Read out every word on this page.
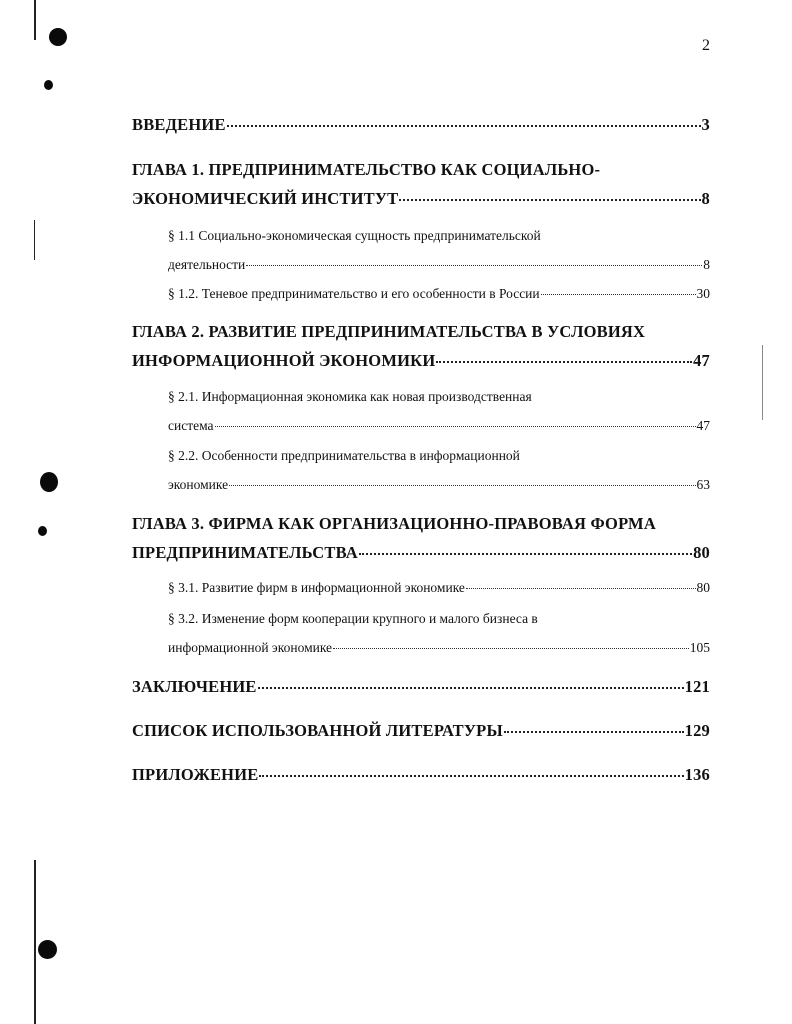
2
ВВЕДЕНИЕ	3
ГЛАВА 1. ПРЕДПРИНИМАТЕЛЬСТВО КАК СОЦИАЛЬНО-
ЭКОНОМИЧЕСКИЙ ИНСТИТУТ	8
§ 1.1 Социально-экономическая сущность предпринимательской
деятельности	8
§ 1.2. Теневое предпринимательство и его особенности в России	30
ГЛАВА 2. РАЗВИТИЕ ПРЕДПРИНИМАТЕЛЬСТВА В УСЛОВИЯХ
ИНФОРМАЦИОННОЙ ЭКОНОМИКИ	47
§ 2.1. Информационная экономика как новая производственная
система	47
§ 2.2. Особенности предпринимательства в информационной
экономике	63
ГЛАВА 3. ФИРМА КАК ОРГАНИЗАЦИОННО-ПРАВОВАЯ ФОРМА
ПРЕДПРИНИМАТЕЛЬСТВА	80
§ 3.1. Развитие фирм в информационной экономике	80
§ 3.2. Изменение форм кооперации крупного и малого бизнеса в
информационной экономике	105
ЗАКЛЮЧЕНИЕ	121
СПИСОК ИСПОЛЬЗОВАННОЙ ЛИТЕРАТУРЫ	129
ПРИЛОЖЕНИЕ	136
